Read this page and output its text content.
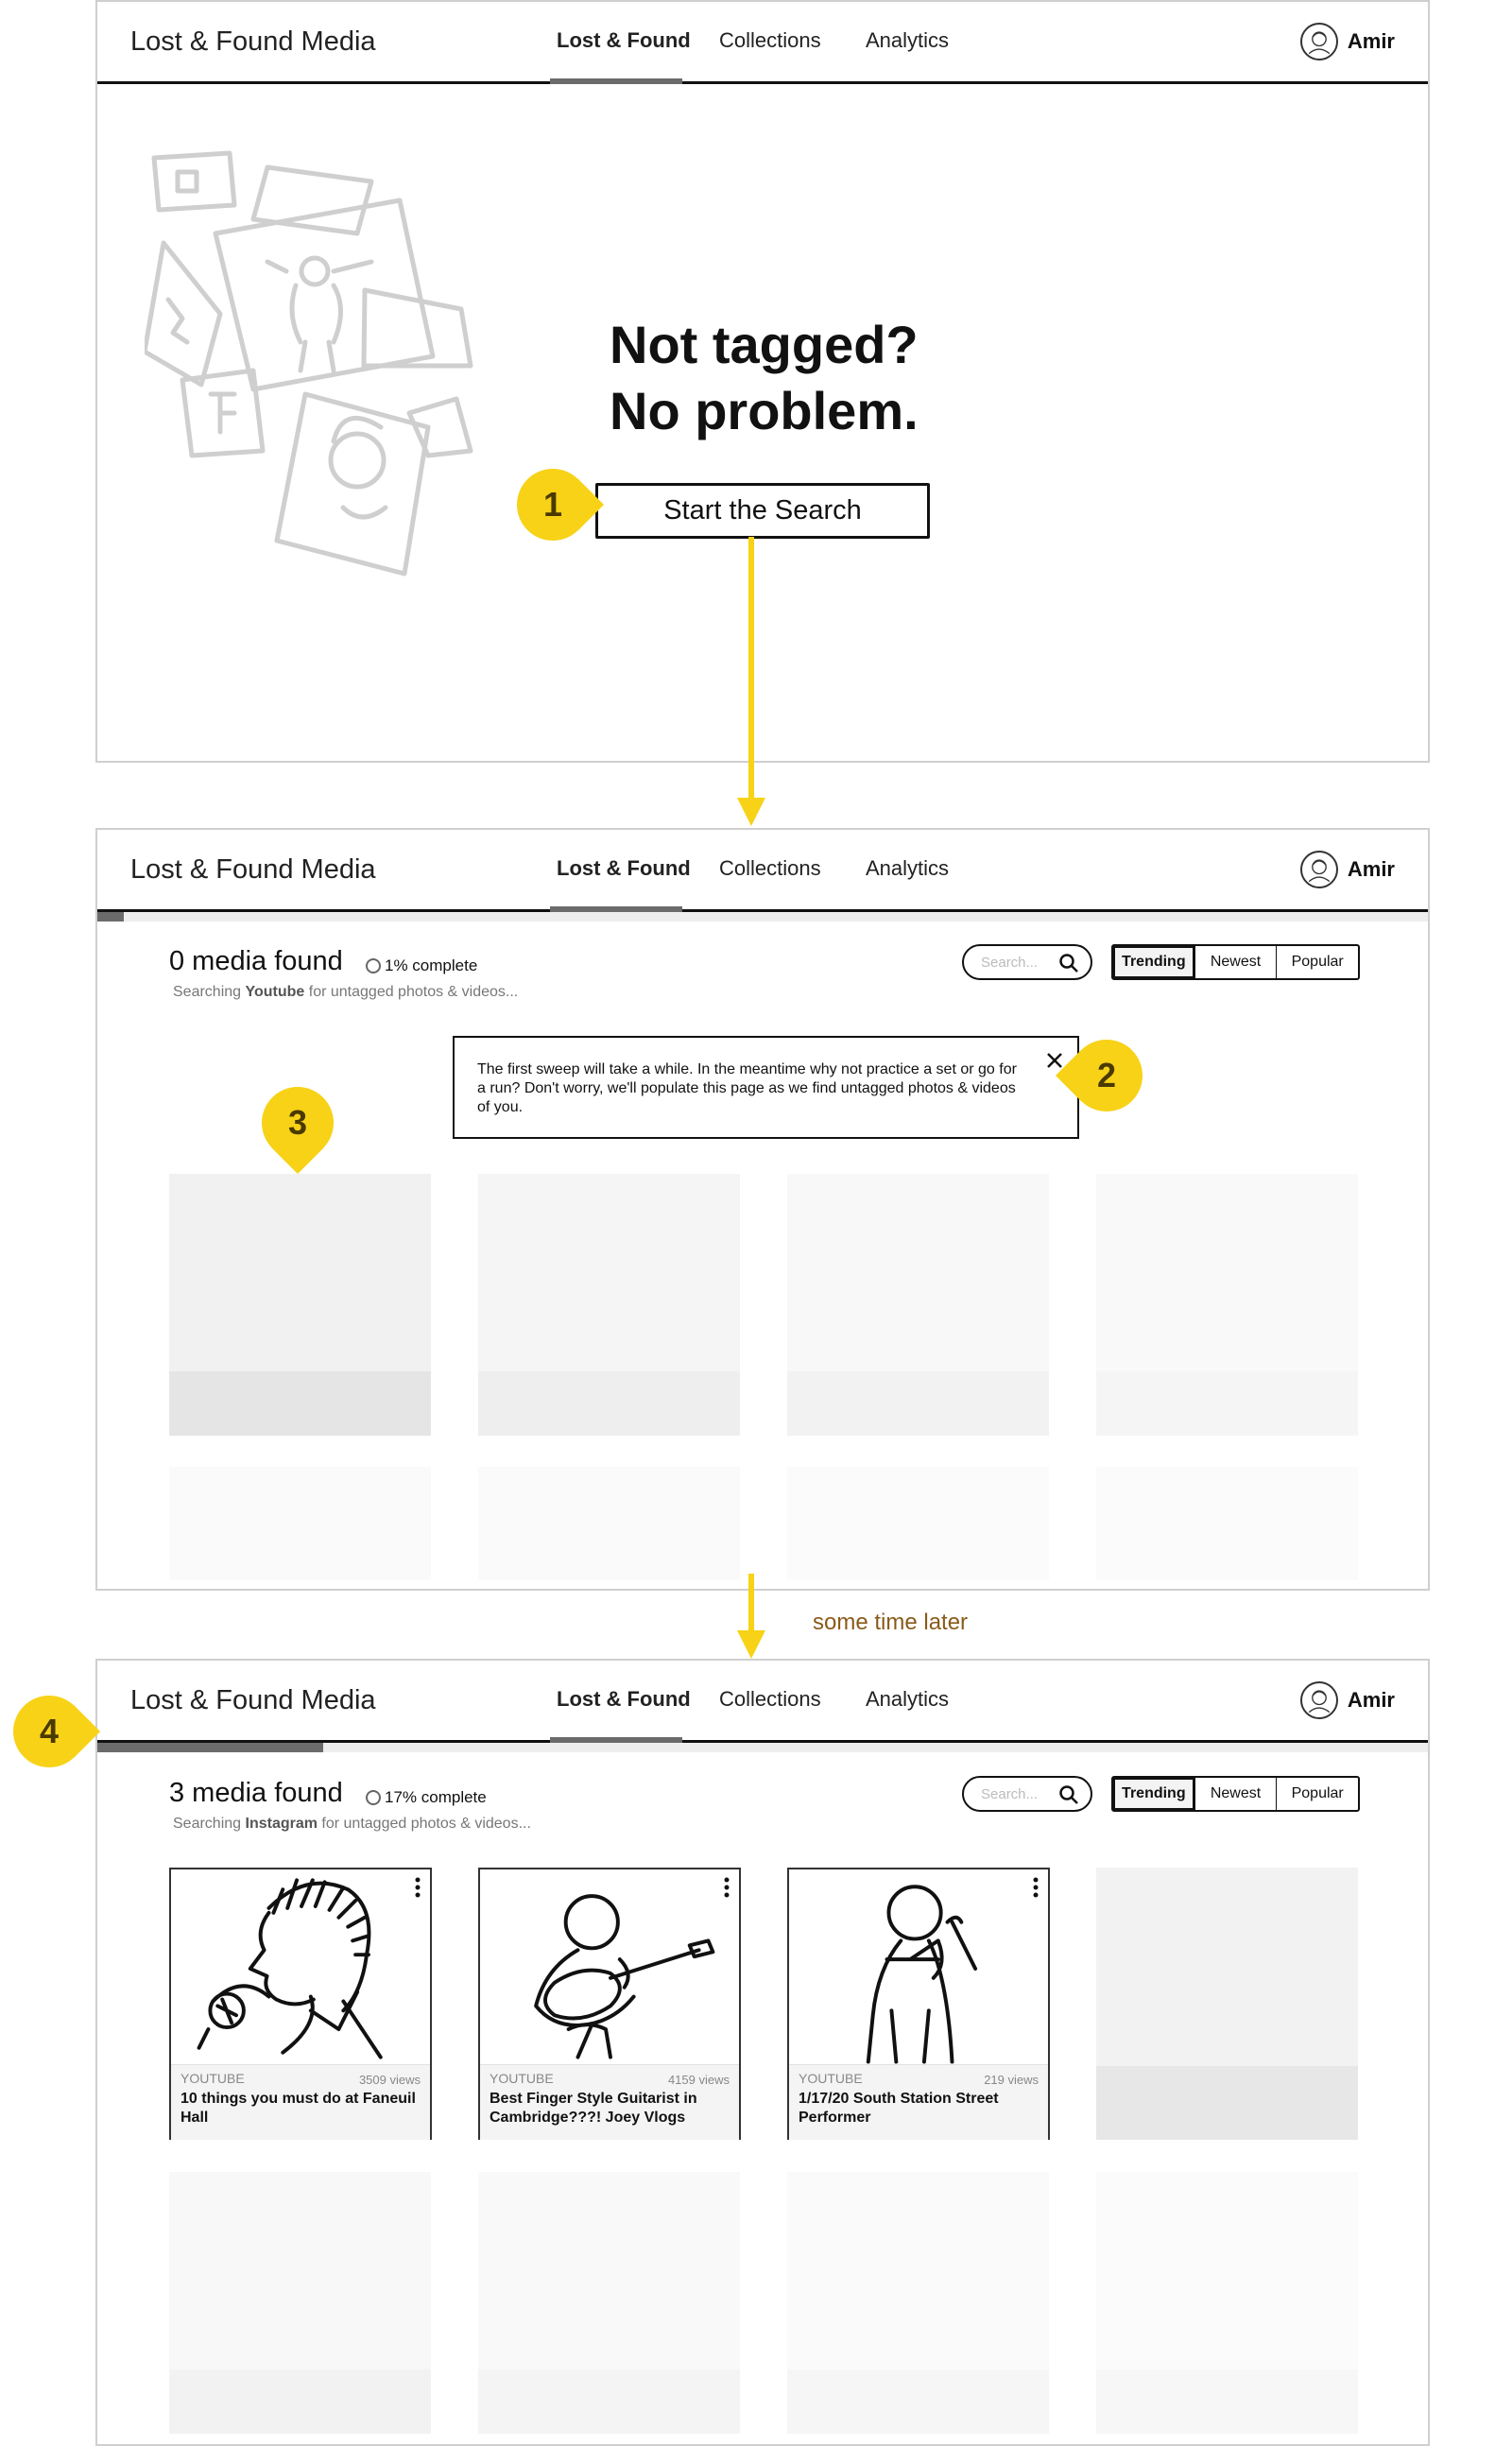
Lost & Found Media	Lost & Found Collections Analytics	Amir
Not tagged?
No problem.
Start the Search
Lost & Found Media	Lost & Found Collections Analytics	Amir
0 media found	1% complete
Searching Youtube for untagged photos & videos...
Search...	Trending	Newest	Popular
The first sweep will take a while. In the meantime why not practice a set or go for a run? Don't worry, we'll populate this page as we find untagged photos & videos of you.
Lost & Found Media	Lost & Found Collections Analytics	Amir
3 media found	17% complete
Searching Instagram for untagged photos & videos...
Search...	Trending	Newest	Popular
YOUTUBE	3509 views
10 things you must do at Faneuil Hall
YOUTUBE	4159 views
Best Finger Style Guitarist in Cambridge???! Joey Vlogs
YOUTUBE	219 views
1/17/20 South Station Street Performer
some time later
1
2
3
4
